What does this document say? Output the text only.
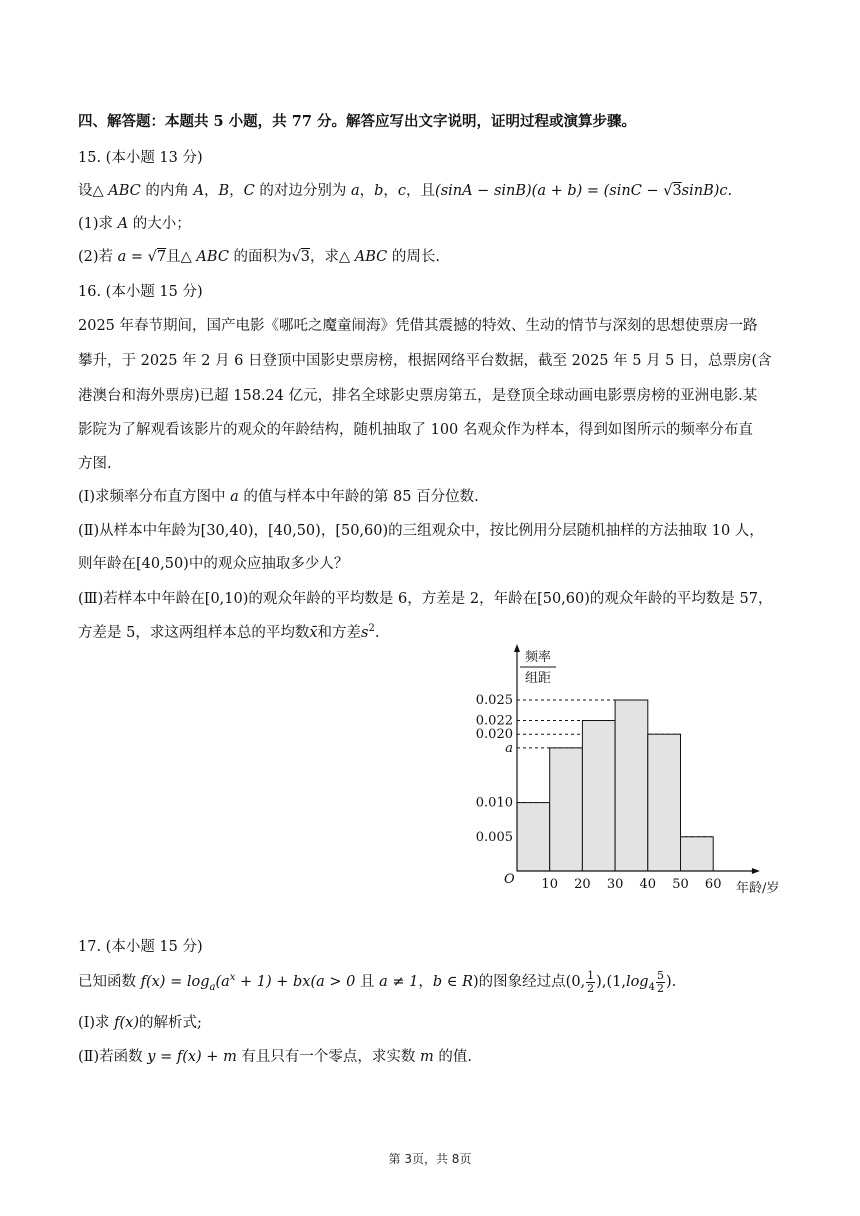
四、解答题：本题共 5 小题，共 77 分。解答应写出文字说明，证明过程或演算步骤。
15. (本小题 13 分)
设△ ABC 的内角 A，B，C 的对边分别为 a，b，c，且(sinA − sinB)(a + b) = (sinC − √3sinB)c.
(1)求 A 的大小；
(2)若 a = √7且△ ABC 的面积为√3，求△ ABC 的周长.
16. (本小题 15 分)
2025 年春节期间，国产电影《哪吒之魔童闹海》凭借其震撼的特效、生动的情节与深刻的思想使票房一路
攀升，于 2025 年 2 月 6 日登顶中国影史票房榜，根据网络平台数据，截至 2025 年 5 月 5 日，总票房(含
港澳台和海外票房)已超 158.24 亿元，排名全球影史票房第五，是登顶全球动画电影票房榜的亚洲电影.某
影院为了解观看该影片的观众的年龄结构，随机抽取了 100 名观众作为样本，得到如图所示的频率分布直
方图.
(Ⅰ)求频率分布直方图中 a 的值与样本中年龄的第 85 百分位数.
(Ⅱ)从样本中年龄为[30,40)，[40,50)，[50,60)的三组观众中，按比例用分层随机抽样的方法抽取 10 人，
则年龄在[40,50)中的观众应抽取多少人？
(Ⅲ)若样本中年龄在[0,10)的观众年龄的平均数是 6，方差是 2，年龄在[50,60)的观众年龄的平均数是 57，
方差是 5，求这两组样本总的平均数x̄和方差$s^2$.
频率
组距
O
年龄/岁
0.025
0.022
0.020
a
0.010
0.005
10 20 30 40 50 60
17. (本小题 15 分)
已知函数 $f(x) = \log_a(a^x + 1) + bx(a > 0$ 且 a ≠ 1，b ∈ R)的图象经过点(0, $\frac{1}{2} ),(1,\log_4 \frac{5}{2}$ ).
(Ⅰ)求 f(x)的解析式;
(Ⅱ)若函数 y = f(x) + m 有且只有一个零点，求实数 m 的值.
第 3页，共 8页
